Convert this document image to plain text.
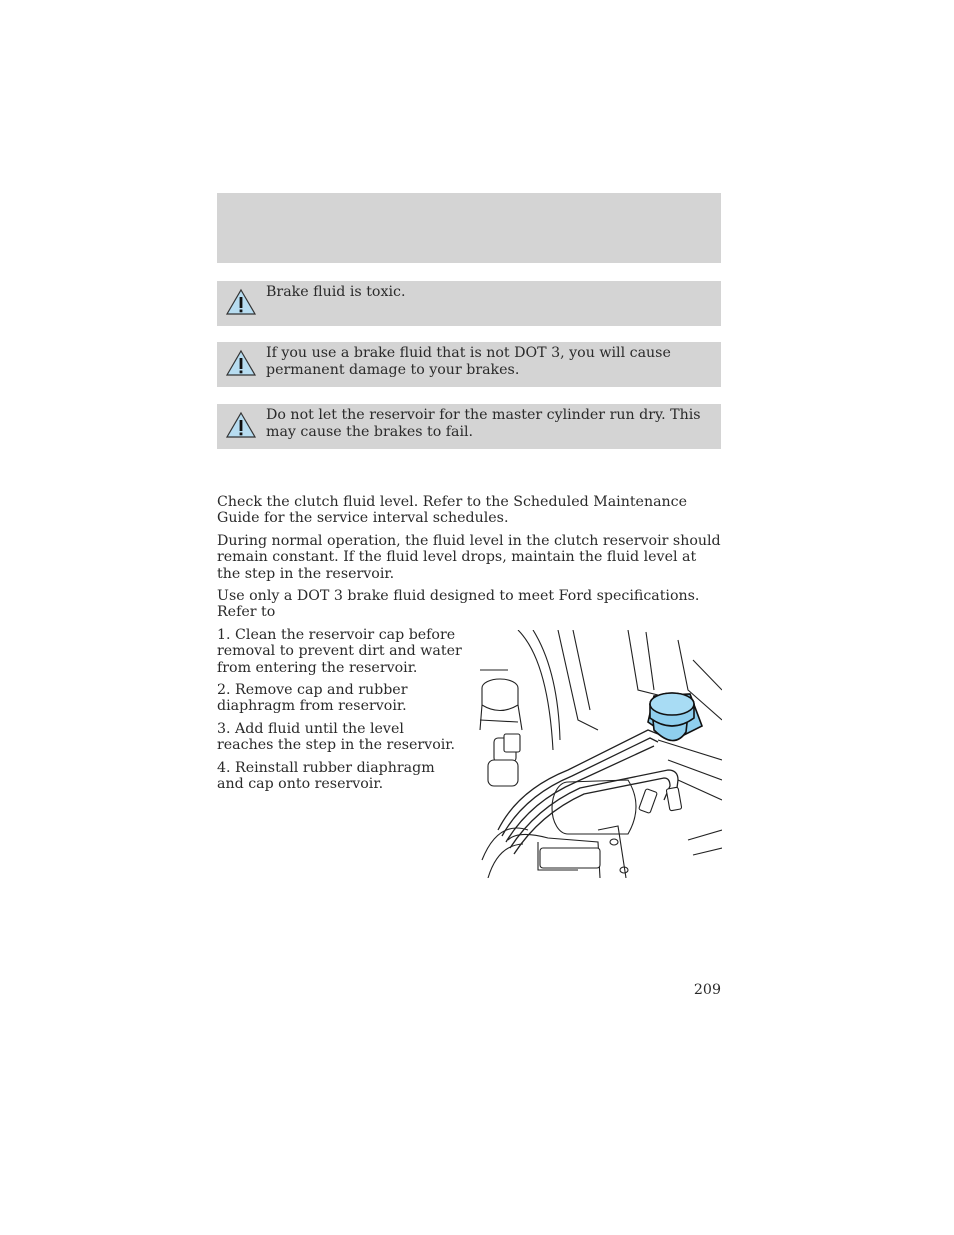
Brake fluid is toxic.
If you use a brake fluid that is not DOT 3, you will cause permanent damage to your brakes.
Do not let the reservoir for the master cylinder run dry. This may cause the brakes to fail.
Check the clutch fluid level. Refer to the Scheduled Maintenance Guide for the service interval schedules.
During normal operation, the fluid level in the clutch reservoir should remain constant. If the fluid level drops, maintain the fluid level at the step in the reservoir.
Use only a DOT 3 brake fluid designed to meet Ford specifications. Refer to
1. Clean the reservoir cap before removal to prevent dirt and water from entering the reservoir.
2. Remove cap and rubber diaphragm from reservoir.
3. Add fluid until the level reaches the step in the reservoir.
4. Reinstall rubber diaphragm and cap onto reservoir.
209
